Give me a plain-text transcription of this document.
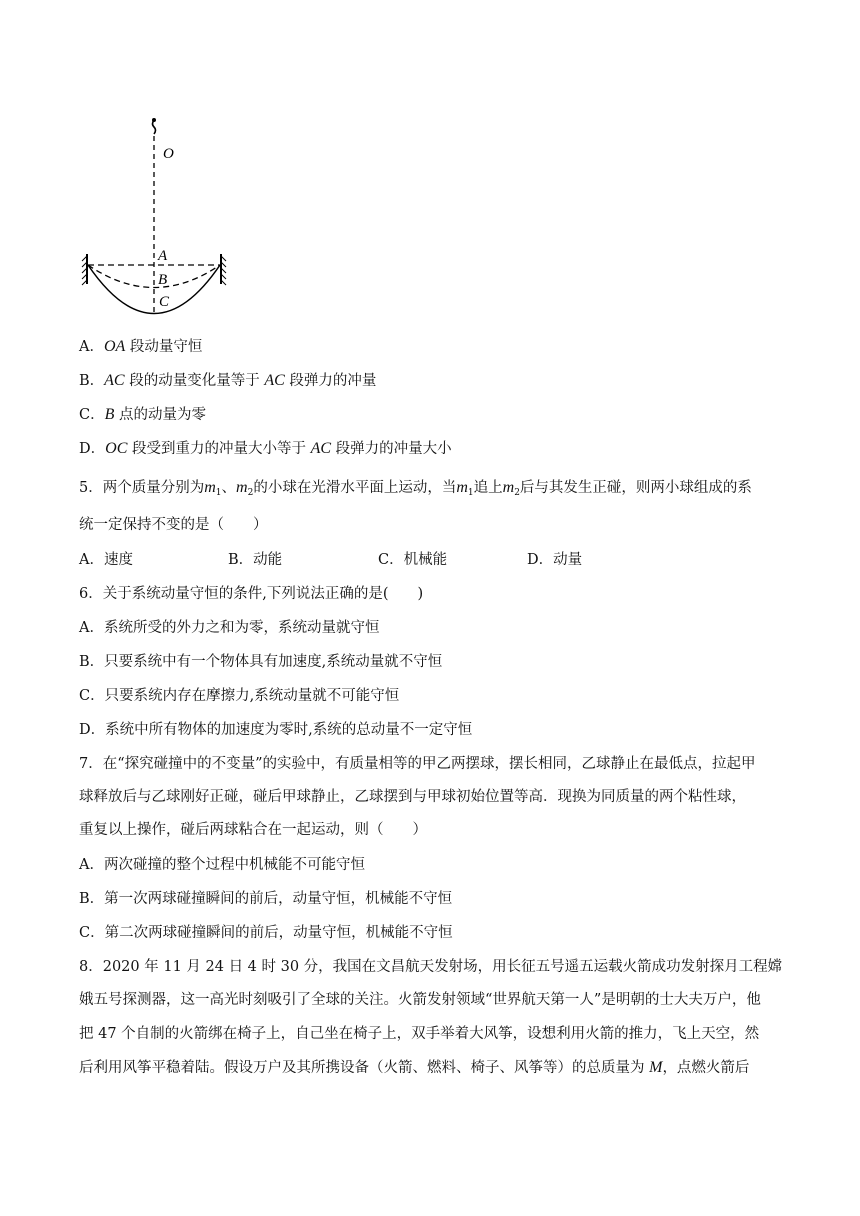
O
A
B
C
A．OA 段动量守恒
B．AC 段的动量变化量等于 AC 段弹力的冲量
C．B 点的动量为零
D．OC 段受到重力的冲量大小等于 AC 段弹力的冲量大小
5．两个质量分别为$m_1$、$m_2$的小球在光滑水平面上运动，当$m_1$追上$m_2$后与其发生正碰，则两小球组成的系
统一定保持不变的是（　　）
A．速度	B．动能	C．机械能	D．动量
6．关于系统动量守恒的条件,下列说法正确的是(　　)
A．系统所受的外力之和为零，系统动量就守恒
B．只要系统中有一个物体具有加速度,系统动量就不守恒
C．只要系统内存在摩擦力,系统动量就不可能守恒
D．系统中所有物体的加速度为零时,系统的总动量不一定守恒
7．在“探究碰撞中的不变量”的实验中，有质量相等的甲乙两摆球，摆长相同，乙球静止在最低点，拉起甲
球释放后与乙球刚好正碰，碰后甲球静止，乙球摆到与甲球初始位置等高．现换为同质量的两个粘性球，
重复以上操作，碰后两球粘合在一起运动，则（　　）
A．两次碰撞的整个过程中机械能不可能守恒
B．第一次两球碰撞瞬间的前后，动量守恒，机械能不守恒
C．第二次两球碰撞瞬间的前后，动量守恒，机械能不守恒
8．2020 年 11 月 24 日 4 时 30 分，我国在文昌航天发射场，用长征五号遥五运载火箭成功发射探月工程嫦
娥五号探测器，这一高光时刻吸引了全球的关注。火箭发射领域“世界航天第一人”是明朝的士大夫万户，他
把 47 个自制的火箭绑在椅子上，自己坐在椅子上，双手举着大风筝，设想利用火箭的推力，飞上天空，然
后利用风筝平稳着陆。假设万户及其所携设备（火箭、燃料、椅子、风筝等）的总质量为 M，点燃火箭后
